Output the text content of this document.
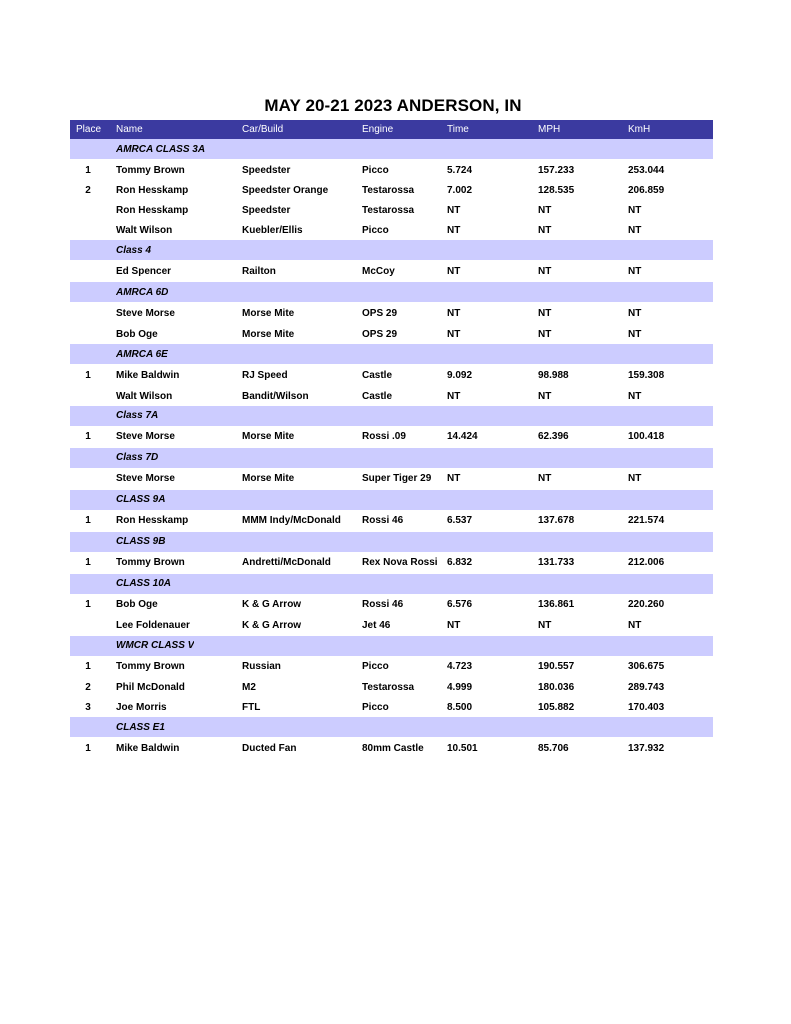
MAY 20-21 2023 ANDERSON, IN
Place	Name	Car/Build	Engine	Time	MPH	KmH
AMRCA CLASS 3A
1	Tommy Brown	Speedster	Picco	5.724	157.233	253.044
2	Ron Hesskamp	Speedster Orange	Testarossa	7.002	128.535	206.859
Ron Hesskamp	Speedster	Testarossa	NT	NT	NT
Walt Wilson	Kuebler/Ellis	Picco	NT	NT	NT
Class 4
Ed Spencer	Railton	McCoy	NT	NT	NT
AMRCA 6D
Steve Morse	Morse Mite	OPS 29	NT	NT	NT
Bob Oge	Morse Mite	OPS 29	NT	NT	NT
AMRCA 6E
1	Mike Baldwin	RJ Speed	Castle	9.092	98.988	159.308
Walt Wilson	Bandit/Wilson	Castle	NT	NT	NT
Class 7A
1	Steve Morse	Morse Mite	Rossi .09	14.424	62.396	100.418
Class 7D
Steve Morse	Morse Mite	Super Tiger 29	NT	NT	NT
CLASS 9A
1	Ron Hesskamp	MMM Indy/McDonald	Rossi 46	6.537	137.678	221.574
CLASS 9B
1	Tommy Brown	Andretti/McDonald	Rex Nova Rossi 6.832	131.733	212.006
CLASS 10A
1	Bob Oge	K & G Arrow	Rossi 46	6.576	136.861	220.260
Lee Foldenauer	K & G Arrow	Jet 46	NT	NT	NT
WMCR CLASS V
1	Tommy Brown	Russian	Picco	4.723	190.557	306.675
2	Phil McDonald	M2	Testarossa	4.999	180.036	289.743
3	Joe Morris	FTL	Picco	8.500	105.882	170.403
CLASS E1
1	Mike Baldwin	Ducted Fan	80mm Castle	10.501	85.706	137.932
